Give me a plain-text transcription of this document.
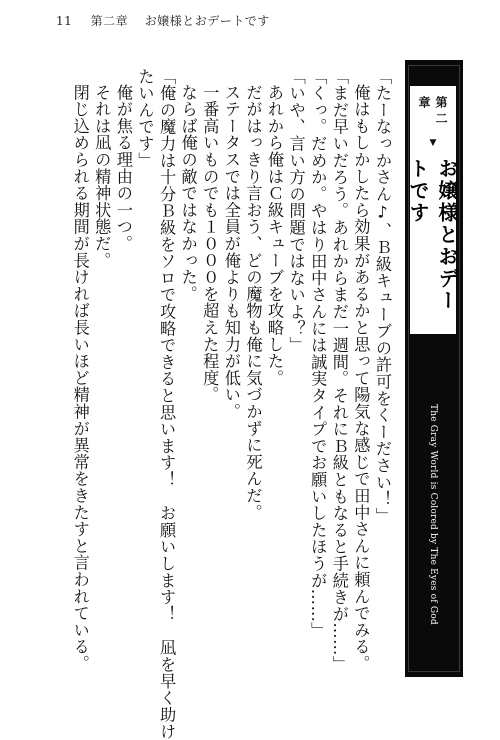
11 第二章 お嬢様とおデートです

「たーなっかさん♪、Ｂ級キューブの許可をくーださい！」

俺はもしかしたら効果があるかと思って陽気な感じで田中さんに頼んでみる。

「まだ早いだろう。あれからまだ一週間。それにＢ級ともなると手続きが……」

「くっ。だめか。やはり田中さんには誠実タイプでお願いしたほうが……」

「いや、言い方の問題ではないよ？」

あれから俺はＣ級キューブを攻略した。

だがはっきり言おう、どの魔物も俺に気づかずに死んだ。

ステータスでは全員が俺よりも知力が低い。

一番高いものでも１０００を超えた程度。

ならば俺の敵ではなかった。

「俺の魔力は十分Ｂ級をソロで攻略できると思います！　お願いします！　凪を早く助け

たいんです」

俺が焦る理由の一つ。

それは凪の精神状態だ。

閉じ込められる期間が長ければ長いほど精神が異常をきたすと言われている。	第二章
▼
お嬢様とおデートです
The Gray World is Colored by The Eyes of God
